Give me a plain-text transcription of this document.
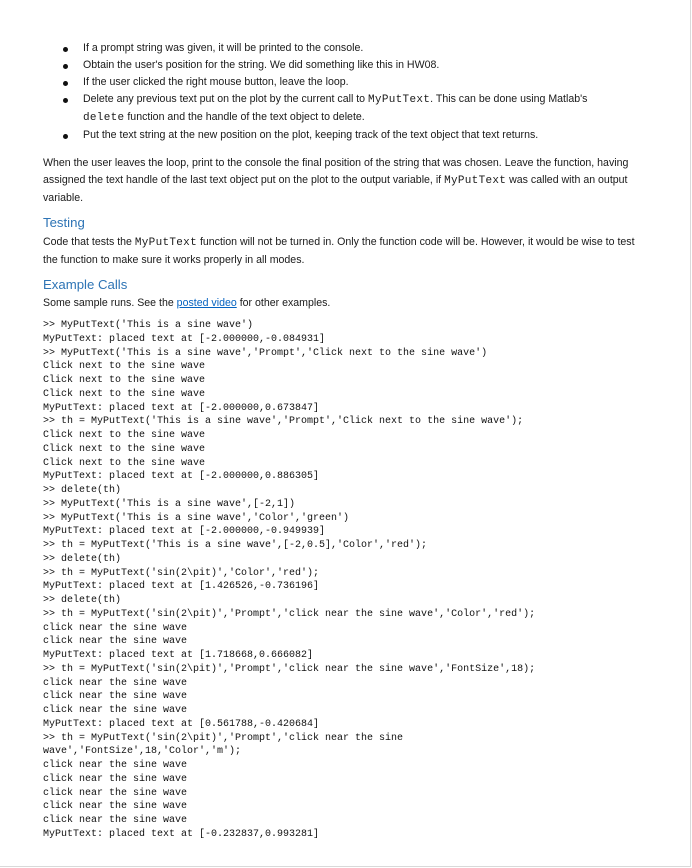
If a prompt string was given, it will be printed to the console.
Obtain the user's position for the string. We did something like this in HW08.
If the user clicked the right mouse button, leave the loop.
Delete any previous text put on the plot by the current call to MyPutText. This can be done using Matlab's
delete function and the handle of the text object to delete.
Put the text string at the new position on the plot, keeping track of the text object that text returns.

When the user leaves the loop, print to the console the final position of the string that was chosen. Leave the function, having assigned the text handle of the last text object put on the plot to the output variable, if MyPutText was called with an output variable.

Testing

Code that tests the MyPutText function will not be turned in. Only the function code will be. However, it would be wise to test the function to make sure it works properly in all modes.

Example Calls

Some sample runs. See the posted video for other examples.

>> MyPutText('This is a sine wave')
MyPutText: placed text at [-2.000000,-0.084931]
>> MyPutText('This is a sine wave','Prompt','Click next to the sine wave')
Click next to the sine wave
Click next to the sine wave
Click next to the sine wave
MyPutText: placed text at [-2.000000,0.673847]
>> th = MyPutText('This is a sine wave','Prompt','Click next to the sine wave');
Click next to the sine wave
Click next to the sine wave
Click next to the sine wave
MyPutText: placed text at [-2.000000,0.886305]
>> delete(th)
>> MyPutText('This is a sine wave',[-2,1])
>> MyPutText('This is a sine wave','Color','green')
MyPutText: placed text at [-2.000000,-0.949939]
>> th = MyPutText('This is a sine wave',[-2,0.5],'Color','red');
>> delete(th)
>> th = MyPutText('sin(2\pit)','Color','red');
MyPutText: placed text at [1.426526,-0.736196]
>> delete(th)
>> th = MyPutText('sin(2\pit)','Prompt','click near the sine wave','Color','red');
click near the sine wave
click near the sine wave
MyPutText: placed text at [1.718668,0.666082]
>> th = MyPutText('sin(2\pit)','Prompt','click near the sine wave','FontSize',18);
click near the sine wave
click near the sine wave
click near the sine wave
MyPutText: placed text at [0.561788,-0.420684]
>> th = MyPutText('sin(2\pit)','Prompt','click near the sine
wave','FontSize',18,'Color','m');
click near the sine wave
click near the sine wave
click near the sine wave
click near the sine wave
click near the sine wave
MyPutText: placed text at [-0.232837,0.993281]
